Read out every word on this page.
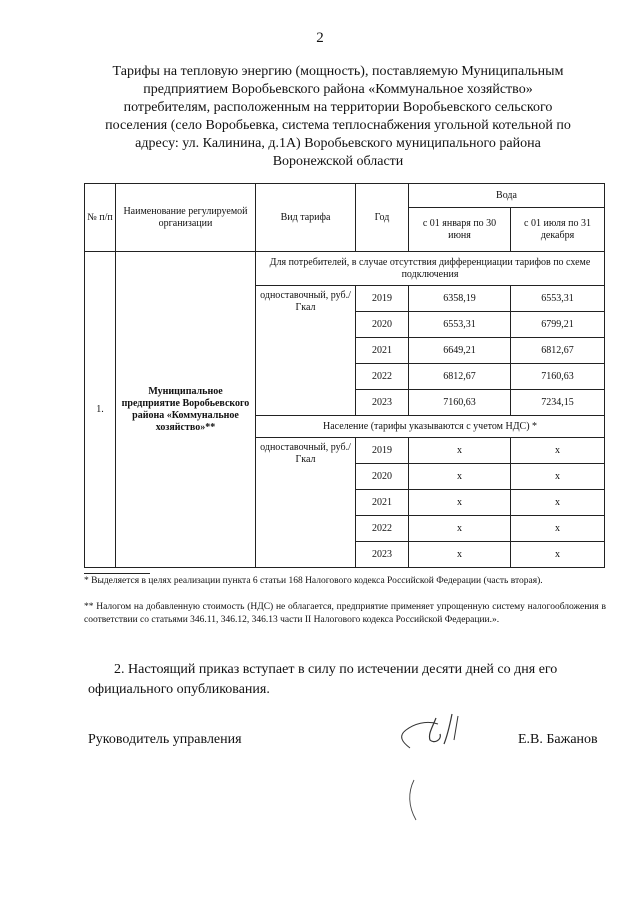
2
Тарифы на тепловую энергию (мощность), поставляемую Муниципальным
предприятием Воробьевского района «Коммунальное хозяйство»
потребителям, расположенным на территории Воробьевского сельского
поселения (село Воробьевка, система теплоснабжения угольной котельной по
адресу: ул. Калинина, д.1А) Воробьевского муниципального района
Воронежской области
№ п/п	Наименование регулируемой организации	Вид тарифа	Год	Вода	
				с 01 января по 30 июня	с 01 июля по 31 декабря
1.	Муниципальное предприятие Воробьевского района «Коммунальное хозяйство»**	Для потребителей, в случае отсутствия дифференциации тарифов по схеме подключения			
		одноставочный, руб./Гкал	2019	6358,19	6553,31
			2020	6553,31	6799,21
			2021	6649,21	6812,67
			2022	6812,67	7160,63
			2023	7160,63	7234,15
		Население (тарифы указываются с учетом НДС) *			
		одноставочный, руб./Гкал	2019	х	х
			2020	х	х
			2021	х	х
			2022	х	х
			2023	х	х
* Выделяется в целях реализации пункта 6 статьи 168 Налогового кодекса Российской Федерации (часть вторая).
** Налогом на добавленную стоимость (НДС) не облагается, предприятие применяет упрощенную систему налогообложения в соответствии со статьями 346.11, 346.12, 346.13 части II Налогового кодекса Российской Федерации.».
2. Настоящий приказ вступает в силу по истечении десяти дней со дня его официального опубликования.
Руководитель управления	Е.В. Бажанов
